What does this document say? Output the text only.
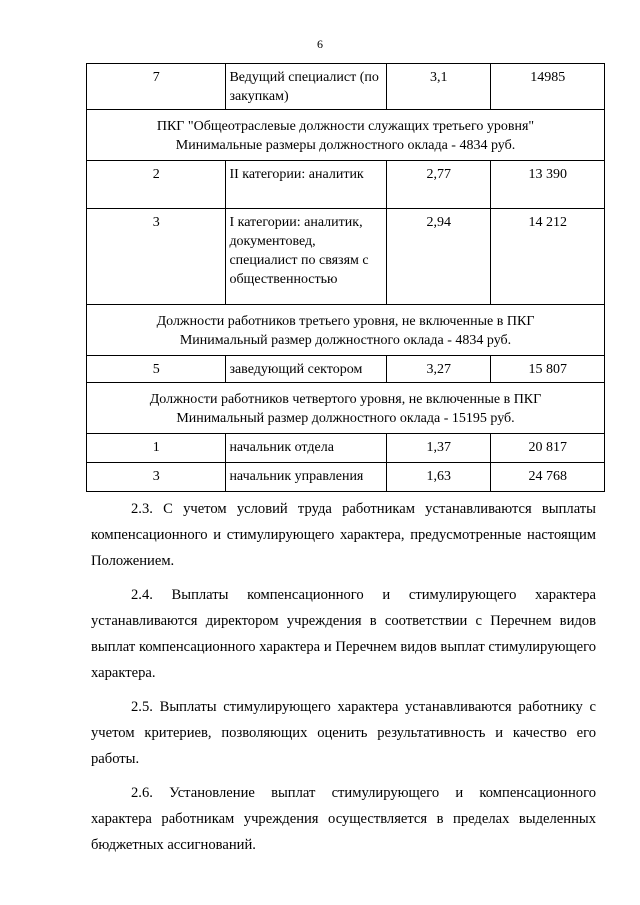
6
7	Ведущий специалист (по закупкам)	3,1	14985

ПКГ "Общеотраслевые должности служащих третьего уровня"
Минимальные размеры должностного оклада - 4834 руб.			

2	II категории: аналитик	2,77	13 390
3	I категории: аналитик, документовед, специалист по связям с общественностью	2,94	14 212

Должности работников третьего уровня, не включенные в ПКГ
Минимальный размер должностного оклада - 4834 руб.			

5	заведующий сектором	3,27	15 807

Должности работников четвертого уровня, не включенные в ПКГ
Минимальный размер должностного оклада - 15195 руб.			

1	начальник отдела	1,37	20 817
3	начальник управления	1,63	24 768

2.3. С учетом условий труда работникам устанавливаются выплаты компенсационного и стимулирующего характера, предусмотренные настоящим Положением.

2.4. Выплаты компенсационного и стимулирующего характера устанавливаются директором учреждения в соответствии с Перечнем видов выплат компенсационного характера и Перечнем видов выплат стимулирующего характера.

2.5. Выплаты стимулирующего характера устанавливаются работнику с учетом критериев, позволяющих оценить результативность и качество его работы.

2.6. Установление выплат стимулирующего и компенсационного характера работникам учреждения осуществляется в пределах выделенных бюджетных ассигнований.
